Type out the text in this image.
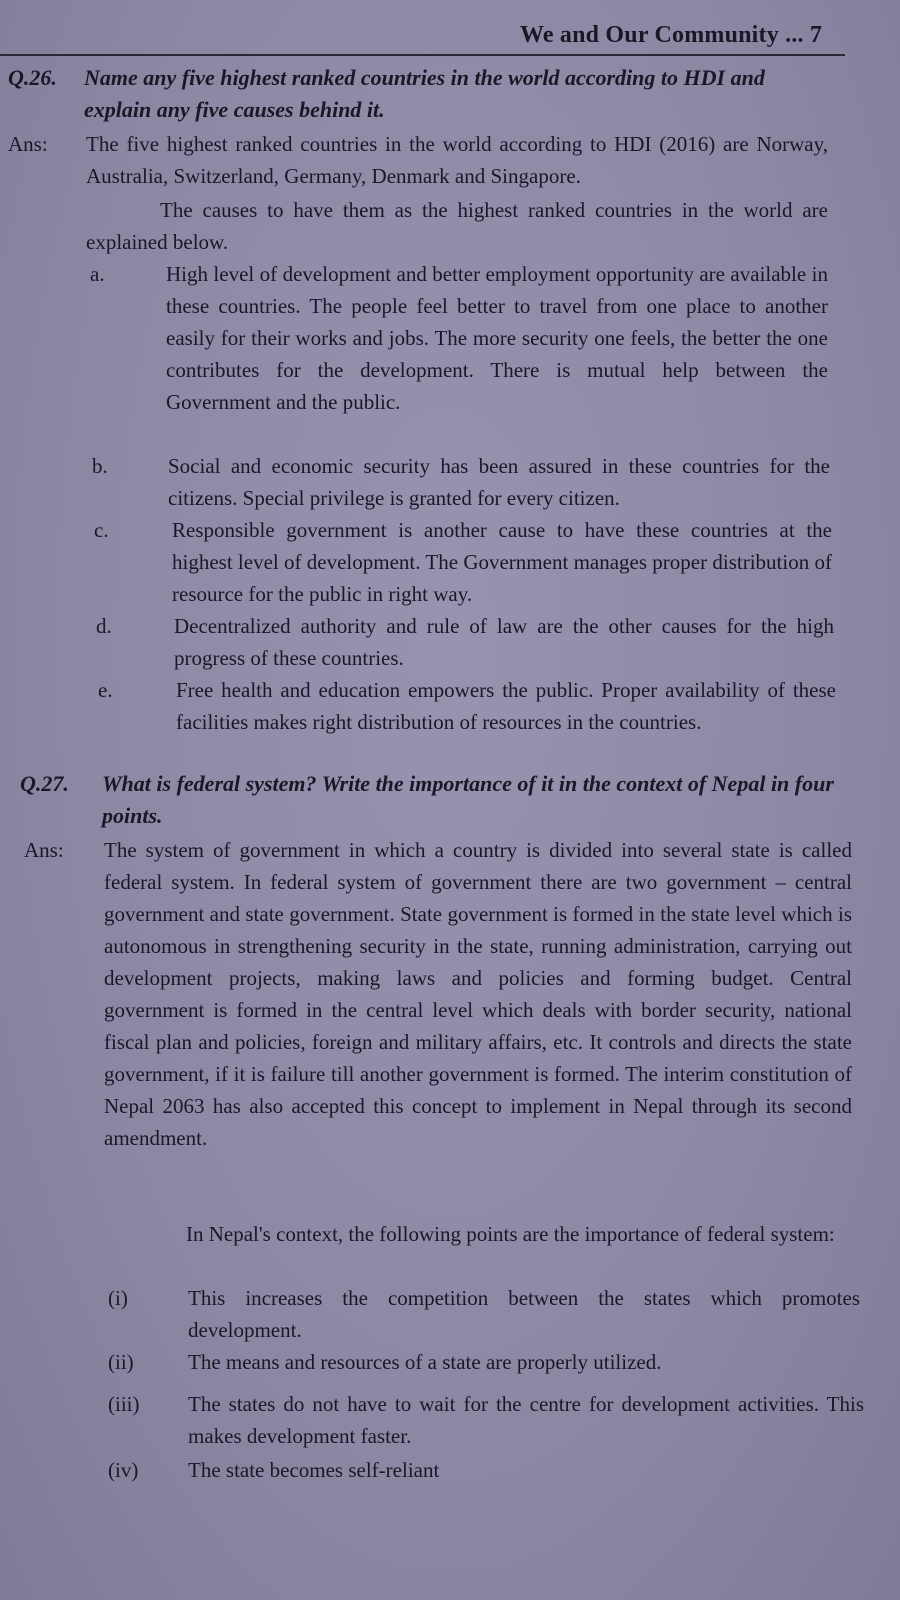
We and Our Community ... 7
Q.26. Name any five highest ranked countries in the world according to HDI and explain any five causes behind it.
Ans: The five highest ranked countries in the world according to HDI (2016) are Norway, Australia, Switzerland, Germany, Denmark and Singapore.
The causes to have them as the highest ranked countries in the world are explained below.
a.	High level of development and better employment opportunity are available in these countries. The people feel better to travel from one place to another easily for their works and jobs. The more security one feels, the better the one contributes for the development. There is mutual help between the Government and the public.
b.	Social and economic security has been assured in these countries for the citizens. Special privilege is granted for every citizen.
c.	Responsible government is another cause to have these countries at the highest level of development. The Government manages proper distribution of resource for the public in right way.
d.	Decentralized authority and rule of law are the other causes for the high progress of these countries.
e.	Free health and education empowers the public. Proper availability of these facilities makes right distribution of resources in the countries.
Q.27. What is federal system? Write the importance of it in the context of Nepal in four points.
Ans: The system of government in which a country is divided into several state is called federal system. In federal system of government there are two government – central government and state government. State government is formed in the state level which is autonomous in strengthening security in the state, running administration, carrying out development projects, making laws and policies and forming budget. Central government is formed in the central level which deals with border security, national fiscal plan and policies, foreign and military affairs, etc. It controls and directs the state government, if it is failure till another government is formed. The interim constitution of Nepal 2063 has also accepted this concept to implement in Nepal through its second amendment.
In Nepal's context, the following points are the importance of federal system:
(i)	This increases the competition between the states which promotes development.
(ii)	The means and resources of a state are properly utilized.
(iii) The states do not have to wait for the centre for development activities. This makes development faster.
(iv) The state becomes self-reliant
